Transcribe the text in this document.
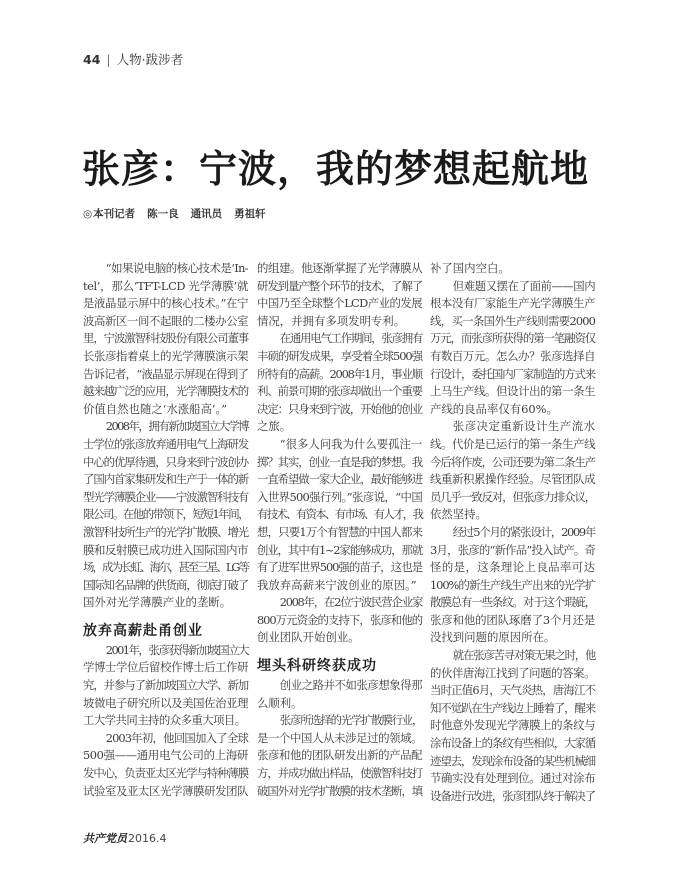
44 | 人物·跋涉者
张彦：宁波，我的梦想起航地
◎本刊记者 陈一良 通讯员 勇祖轩
“如果说电脑的核心技术是‘In-
tel’，那么‘TFT-LCD 光学薄膜’就
是液晶显示屏中的核心技术。”在宁
波高新区一间不起眼的二楼办公室
里，宁波激智科技股份有限公司董事
长张彦指着桌上的光学薄膜演示架
告诉记者，“液晶显示屏现在得到了
越来越广泛的应用，光学薄膜技术的
价值自然也随之‘水涨船高’。”
2008年，拥有新加坡国立大学博
士学位的张彦放弃通用电气上海研发
中心的优厚待遇，只身来到宁波创办
了国内首家集研发和生产于一体的新
型光学薄膜企业——宁波激智科技有
限公司。在他的带领下，短短1年间，
激智科技所生产的光学扩散膜、增光
膜和反射膜已成功进入国际国内市
场，成为长虹、海尔，甚至三星、LG等
国际知名品牌的供货商，彻底打破了
国外对光学薄膜产业的垄断。
放弃高薪赴甬创业
2001年，张彦获得新加坡国立大
学博士学位后留校作博士后工作研
究，并参与了新加坡国立大学、新加
坡微电子研究所以及美国佐治亚理
工大学共同主持的众多重大项目。
2003年初，他回国加入了全球
500强——通用电气公司的上海研
发中心，负责亚太区光学与特种薄膜
试验室及亚太区光学薄膜研发团队
的组建。他逐渐掌握了光学薄膜从
研发到量产整个环节的技术，了解了
中国乃至全球整个LCD产业的发展
情况，并拥有多项发明专利。
在通用电气工作期间，张彦拥有
丰硕的研发成果，享受着全球500强
所特有的高薪。2008年1月，事业顺
利、前景可期的张彦却做出一个重要
决定：只身来到宁波，开始他的创业
之旅。
“很多人问我为什么要孤注一
掷？其实，创业一直是我的梦想。我
一直希望做一家大企业，最好能够进
入世界500强行列。”张彦说，“中国
有技术、有资本、有市场、有人才，我
想，只要1万个有智慧的中国人都来
创业，其中有1~2家能够成功，那就
有了进军世界500强的苗子，这也是
我放弃高薪来宁波创业的原因。”
2008年，在2位宁波民营企业家
800万元资金的支持下，张彦和他的
创业团队开始创业。
埋头科研终获成功
创业之路并不如张彦想象得那
么顺利。
张彦所选择的光学扩散膜行业，
是一个中国人从未涉足过的领域。
张彦和他的团队研发出新的产品配
方，并成功做出样品，使激智科技打
破国外对光学扩散膜的技术垄断，填
补了国内空白。
但难题又摆在了面前——国内
根本没有厂家能生产光学薄膜生产
线，买一条国外生产线则需要2000
万元，而张彦所获得的第一笔融资仅
有数百万元。怎么办？张彦选择自
行设计，委托国内厂家制造的方式来
上马生产线。但设计出的第一条生
产线的良品率仅有60%。
张彦决定重新设计生产流水
线。代价是已运行的第一条生产线
今后将作废，公司还要为第二条生产
线重新积累操作经验。尽管团队成
员几乎一致反对，但张彦力排众议，
依然坚持。
经过5个月的紧张设计，2009年
3月，张彦的“新作品”投入试产。奇
怪的是，这条理论上良品率可达
100%的新生产线生产出来的光学扩
散膜总有一些条纹。对于这个瑕疵，
张彦和他的团队琢磨了3个月还是
没找到问题的原因所在。
就在张彦苦寻对策无果之时，他
的伙伴唐海江找到了问题的答案。
当时正值6月，天气炎热，唐海江不
知不觉趴在生产线边上睡着了，醒来
时他意外发现光学薄膜上的条纹与
涂布设备上的条纹有些相似，大家循
迹望去，发现涂布设备的某些机械细
节确实没有处理到位。通过对涂布
设备进行改进，张彦团队终于解决了
共产党员2016.4
